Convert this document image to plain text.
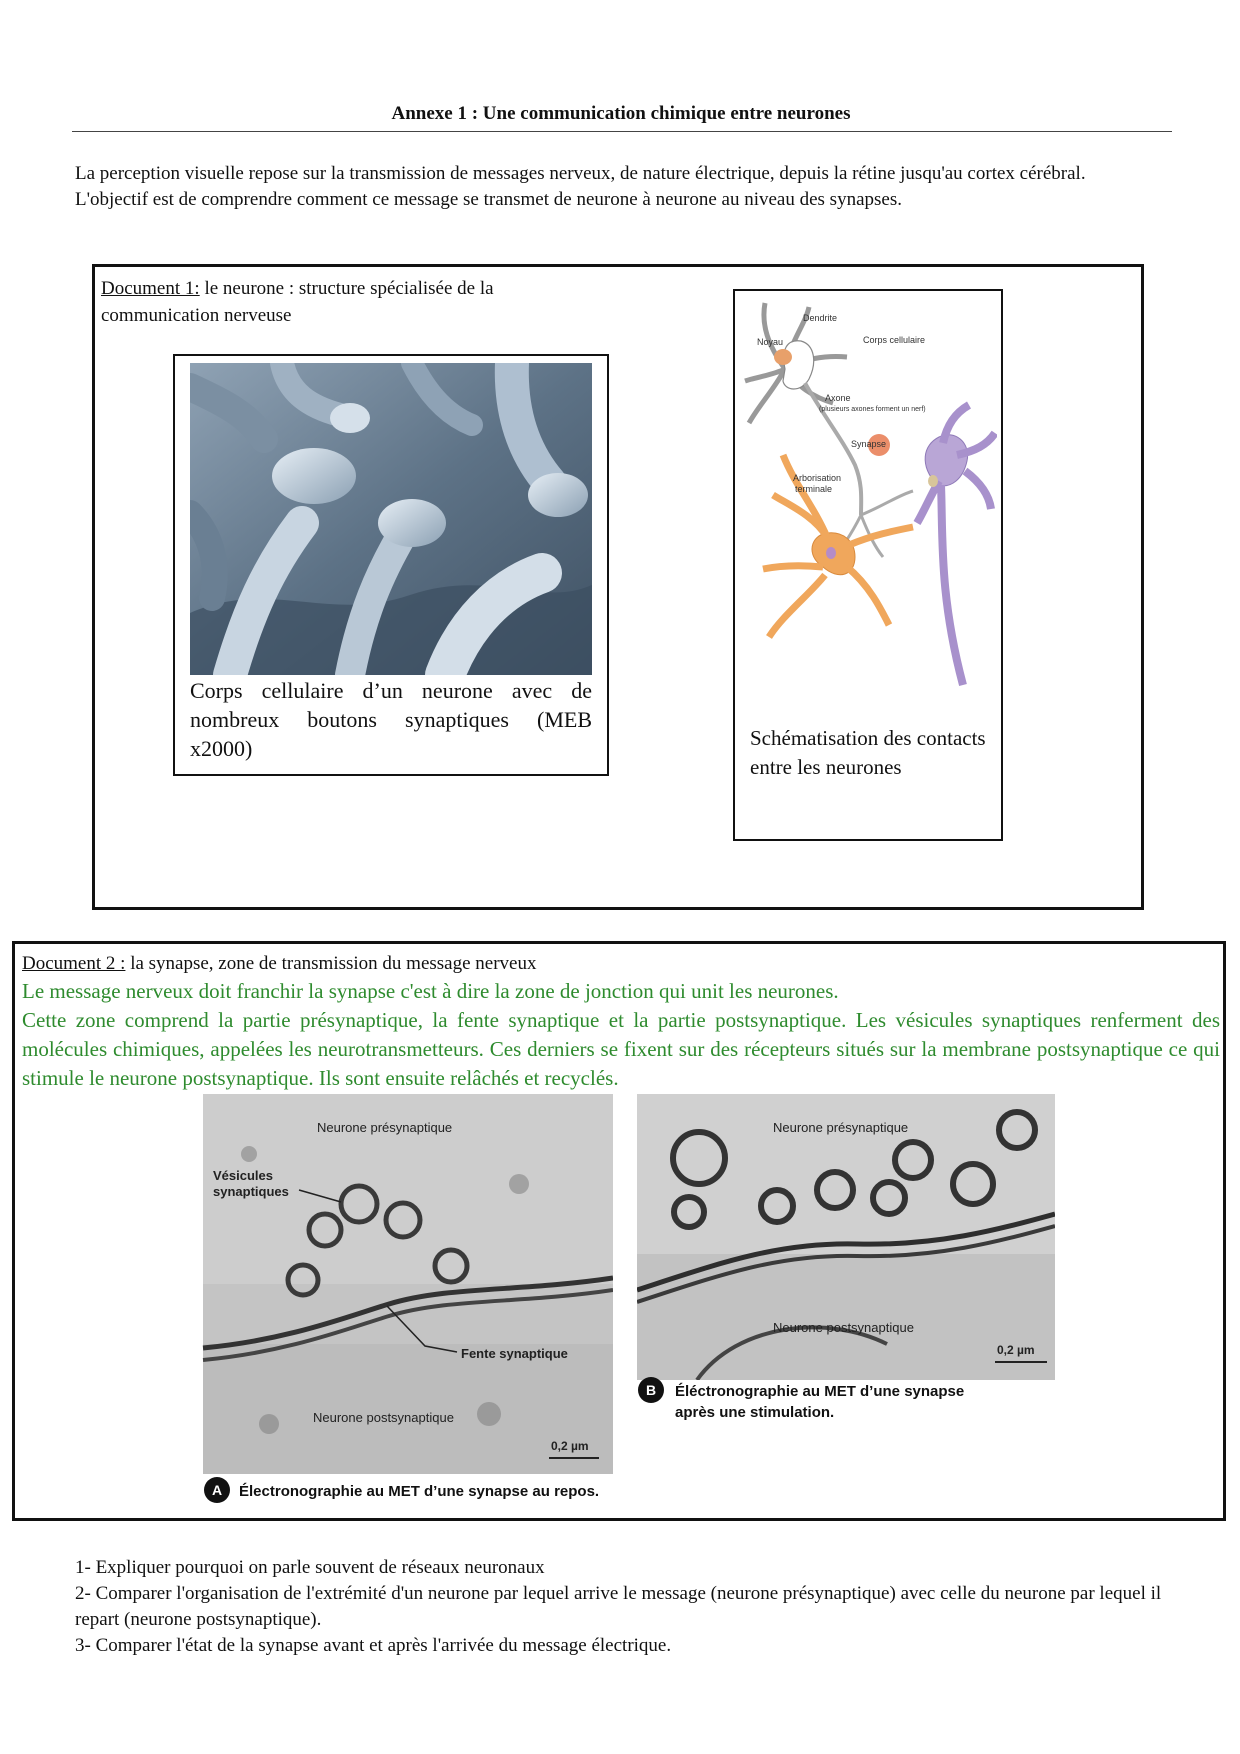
Annexe 1 : Une communication chimique entre neurones

La perception visuelle repose sur la transmission de messages nerveux, de nature électrique, depuis la rétine jusqu'au cortex cérébral.

L'objectif est de comprendre comment ce message se transmet de neurone à neurone au niveau des synapses.

Document 1: le neurone : structure spécialisée de la communication nerveuse
Corps cellulaire d’un neurone avec de nombreux boutons synaptiques (MEB x2000)
Dendrite
Noyau	Corps cellulaire
Axone
(plusieurs axones forment un nerf)
Synapse
Arborisation
terminale
Schématisation des contacts entre les neurones
Document 2 : la synapse, zone de transmission du message nerveux

Le message nerveux doit franchir la synapse c'est à dire la zone de jonction qui unit les neurones.

Cette zone comprend la partie présynaptique, la fente synaptique et la partie postsynaptique. Les vésicules synaptiques renferment des molécules chimiques, appelées les neurotransmetteurs. Ces derniers se fixent sur des récepteurs situés sur la membrane postsynaptique ce qui stimule le neurone postsynaptique. Ils sont ensuite relâchés et recyclés.

Neurone présynaptique
Vésicules
synaptiques
Fente synaptique
Neurone postsynaptique
0,2 µm
A Électronographie au MET d’une synapse au repos.
Neurone présynaptique
Neurone postsynaptique
0,2 µm
B Éléctronographie au MET d’une synapse
après une stimulation.

1- Expliquer pourquoi on parle souvent de réseaux neuronaux

2- Comparer l'organisation de l'extrémité d'un neurone par lequel arrive le message (neurone présynaptique) avec celle du neurone par lequel il repart (neurone postsynaptique).

3- Comparer l'état de la synapse avant et après l'arrivée du message électrique.
